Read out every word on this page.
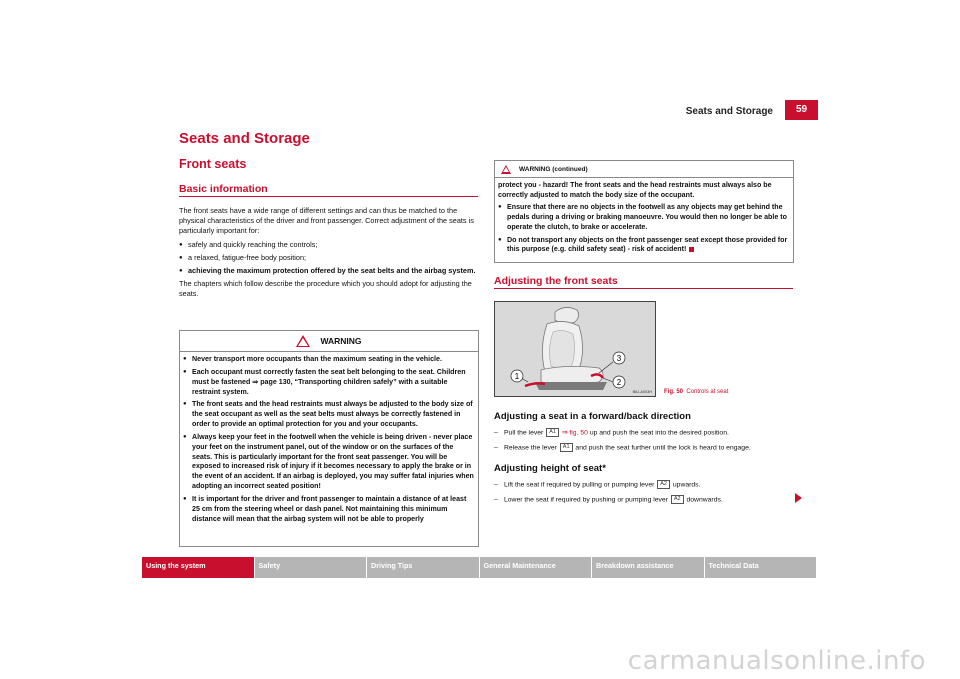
Seats and Storage	59
Seats and Storage
Front seats
Basic information

The front seats have a wide range of different settings and can thus be matched to the physical characteristics of the driver and front passenger. Correct adjustment of the seats is particularly important for:

● safely and quickly reaching the controls;
● a relaxed, fatigue-free body position;
● achieving the maximum protection offered by the seat belts and the airbag system.

The chapters which follow describe the procedure which you should adopt for adjusting the seats.

WARNING
● Never transport more occupants than the maximum seating in the vehicle.
● Each occupant must correctly fasten the seat belt belonging to the seat. Children must be fastened ⇒ page 130, “Transporting children safely” with a suitable restraint system.
● The front seats and the head restraints must always be adjusted to the body size of the seat occupant as well as the seat belts must always be correctly fastened in order to provide an optimal protection for you and your occupants.
● Always keep your feet in the footwell when the vehicle is being driven - never place your feet on the instrument panel, out of the window or on the surfaces of the seats. This is particularly important for the front seat passenger. You will be exposed to increased risk of injury if it becomes necessary to apply the brake or in the event of an accident. If an airbag is deployed, you may suffer fatal injuries when adopting an incorrect seated position!
● It is important for the driver and front passenger to maintain a distance of at least 25 cm from the steering wheel or dash panel. Not maintaining this minimum distance will mean that the airbag system will not be able to properly
WARNING (continued)

protect you - hazard! The front seats and the head restraints must always also be correctly adjusted to match the body size of the occupant.

● Ensure that there are no objects in the footwell as any objects may get behind the pedals during a driving or braking manoeuvre. You would then no longer be able to operate the clutch, to brake or accelerate.
● Do not transport any objects on the front passenger seat except those provided for this purpose (e.g. child safety seat) - risk of accident!
Adjusting the front seats
1
2
3
B6J-A003H Fig. 50 Controls at seat
Adjusting a seat in a forward/back direction
– Pull the lever A1 ⇒ fig. 50 up and push the seat into the desired position.
– Release the lever A1 and push the seat further until the lock is heard to engage.
Adjusting height of seat*
– Lift the seat if required by pulling or pumping lever A2 upwards.
– Lower the seat if required by pushing or pumping lever A2 downwards.
Using the system	Safety	Driving Tips	General Maintenance	Breakdown assistance	Technical Data
carmanualsonline.info
